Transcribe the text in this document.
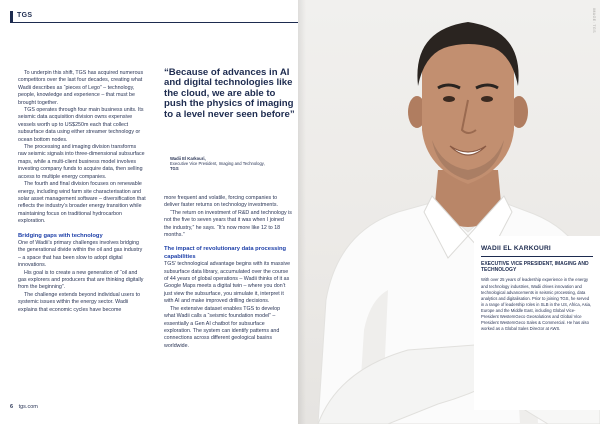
TGS

To underpin this shift, TGS has acquired numerous competitors over the last four decades, creating what Wadii describes as “pieces of Lego” – technology, people, knowledge and experience – that must be brought together.

TGS operates through four main business units. Its seismic data acquisition division owns expensive vessels worth up to US$250m each that collect subsurface data using either streamer technology or ocean bottom nodes.

The processing and imaging division transforms raw seismic signals into three-dimensional subsurface maps, while a multi-client business model involves investing company funds to acquire data, then selling access to multiple energy companies.

The fourth and final division focuses on renewable energy, including wind farm site characterisation and solar asset management software – diversification that reflects the industry’s broader energy transition while maintaining focus on traditional hydrocarbon exploration.

Bridging gaps with technology

One of Wadii’s primary challenges involves bridging the generational divide within the oil and gas industry – a space that has been slow to adopt digital innovations.

His goal is to create a new generation of “oil and gas explorers and producers that are thinking digitally from the beginning”.

The challenge extends beyond individual users to systemic issues within the energy sector. Wadii explains that economic cycles have become

“Because of advances in AI and digital technologies like the cloud, we are able to push the physics of imaging to a level never seen before”
Wadii El Karkouri,
Executive Vice President, Imaging and Technology,
TGS

more frequent and volatile, forcing companies to deliver faster returns on technology investments.

“The return on investment of R&D and technology is not the five to seven years that it was when I joined the industry,” he says. “It’s now more like 12 to 18 months.”

The impact of revolutionary data processing capabilities

TGS’ technological advantage begins with its massive subsurface data library, accumulated over the course of 44 years of global operations – Wadii thinks of it as Google Maps meets a digital twin – where you don’t just view the subsurface, you simulate it, interpret it with AI and make improved drilling decisions.

The extensive dataset enables TGS to develop what Wadii calls a “seismic foundation model” – essentially a Gen AI chatbot for subsurface exploration. The system can identify patterns and connections across different geological basins worldwide.

6 tgs.com
IMAGE: TGS
WADII EL KARKOURI
EXECUTIVE VICE PRESIDENT, IMAGING AND TECHNOLOGY
With over 25 years of leadership experience in the energy and technology industries, Wadii drives innovation and technological advancements in seismic processing, data analytics and digitalisation. Prior to joining TGS, he served in a range of leadership roles in SLB in the US, Africa, Asia, Europe and the Middle East, including Global Vice-President WesternGeco Geosolutions and Global Vice President WesternGeco Sales & Commercial. He has also worked as a Global Sales Director at AWS.
